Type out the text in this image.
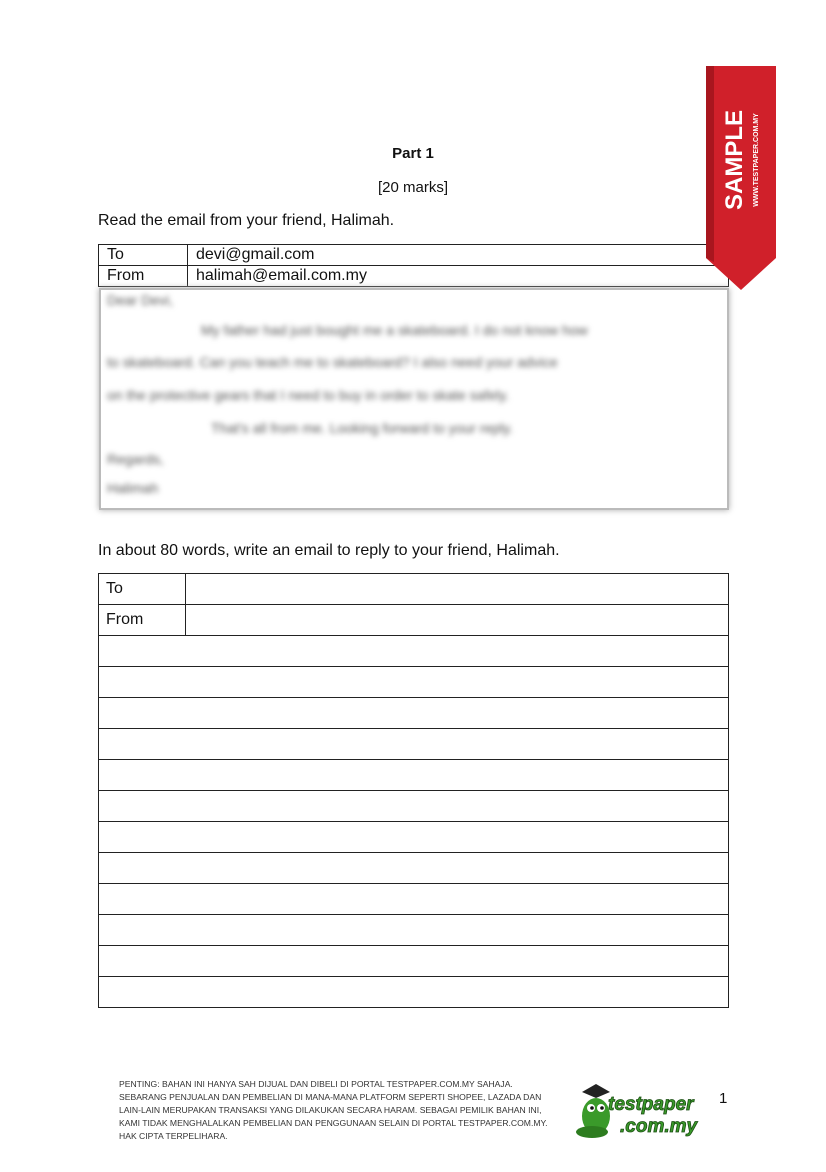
Part 1
[20 marks]
Read the email from your friend, Halimah.
To	devi@gmail.com
From	halimah@email.com.my
Dear Devi,
My father had just bought me a skateboard. I do not know how
to skateboard. Can you teach me to skateboard? I also need your advice
on the protective gears that I need to buy in order to skate safely.
That's all from me. Looking forward to your reply.
Regards,
Halimah
In about 80 words, write an email to reply to your friend, Halimah.
To	
From	

SAMPLE WWW.TESTPAPER.COM.MY
PENTING: BAHAN INI HANYA SAH DIJUAL DAN DIBELI DI PORTAL TESTPAPER.COM.MY SAHAJA. SEBARANG PENJUALAN DAN PEMBELIAN DI MANA-MANA PLATFORM SEPERTI SHOPEE, LAZADA DAN LAIN-LAIN MERUPAKAN TRANSAKSI YANG DILAKUKAN SECARA HARAM. SEBAGAI PEMILIK BAHAN INI, KAMI TIDAK MENGHALALKAN PEMBELIAN DAN PENGGUNAAN SELAIN DI PORTAL TESTPAPER.COM.MY. HAK CIPTA TERPELIHARA.
testpaper
.com.my
1
